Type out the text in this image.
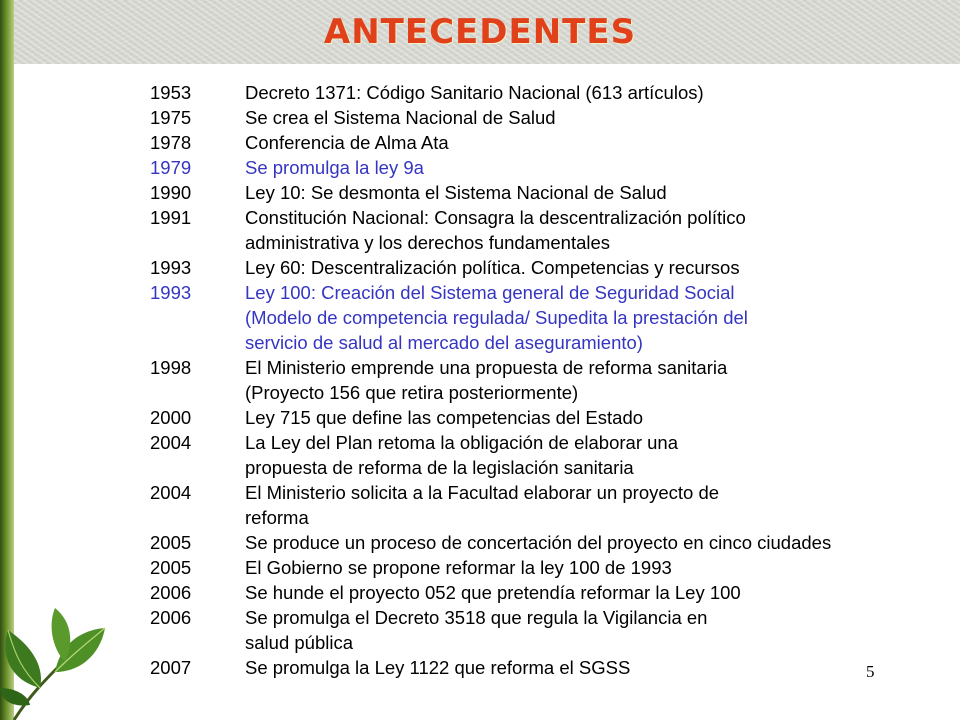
ANTECEDENTES
1953	Decreto 1371: Código Sanitario Nacional (613 artículos)
1975	Se crea el Sistema Nacional de Salud
1978	Conferencia de Alma Ata
1979	Se promulga la ley 9a
1990	Ley 10: Se desmonta el Sistema Nacional de Salud
1991	Constitución Nacional: Consagra la descentralización político
administrativa y los derechos fundamentales
1993	Ley 60: Descentralización política. Competencias y recursos
1993	Ley 100: Creación del Sistema general de Seguridad Social
(Modelo de competencia regulada/ Supedita la prestación del
servicio de salud al mercado del aseguramiento)
1998	El Ministerio emprende una propuesta de reforma sanitaria
(Proyecto 156 que retira posteriormente)
2000	Ley 715 que define las competencias del Estado
2004	La Ley del Plan retoma la obligación de elaborar una
propuesta de reforma de la legislación sanitaria
2004	El Ministerio solicita a la Facultad elaborar un proyecto de
reforma
2005	Se produce un proceso de concertación del proyecto en cinco ciudades
2005	El Gobierno se propone reformar la ley 100 de 1993
2006	Se hunde el proyecto 052 que pretendía reformar la Ley 100
2006	Se promulga el Decreto 3518 que regula la Vigilancia en
salud pública
2007	Se promulga la Ley 1122 que reforma el SGSS	5
